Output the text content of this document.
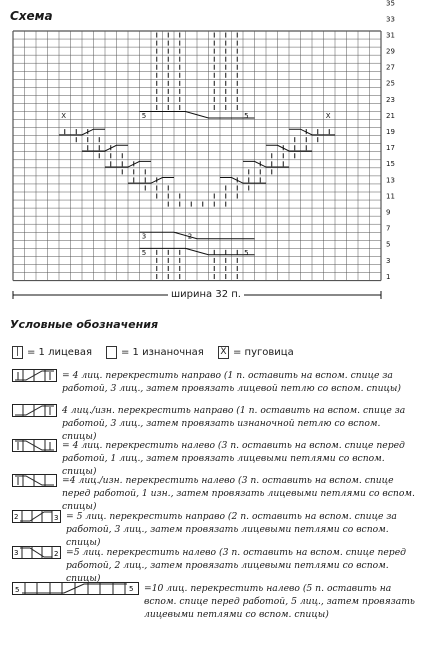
Схема
5	5
3	2
5	5
X	X
1
3
5
7
9
11
13
15
17
19
21
23
25
27
29
31
33
35
ширина 32 п.
Условные обозначения
| = 1 лицевая	= 1 изнаночная X = пуговица
= 4 лиц. перекрестить направо (1 п. оставить на вспом. спице за работой, 3 лиц., затем провязать лицевой петлю со вспом. спицы)
4 лиц./изн. перекрестить направо (1 п. оставить на вспом. спице за работой, 3 лиц., затем провязать изнаночной петлю со вспом. спицы)
= 4 лиц. перекрестить налево (3 п. оставить на вспом. спице перед работой, 1 лиц., затем провязать лицевыми петлями со вспом. спицы)
=4 лиц./изн. перекрестить налево (3 п. оставить на вспом. спице перед работой, 1 изн., затем провязать лицевыми петлями со вспом. спицы)
2	3 = 5 лиц. перекрестить направо (2 п. оставить на вспом. спице за работой, 3 лиц., затем провязать лицевыми петлями со вспом. спицы)
3	2 =5 лиц. перекрестить налево (3 п. оставить на вспом. спице перед работой, 2 лиц., затем провязать лицевыми петлями со вспом. спицы)
5	5 =10 лиц. перекрестить налево (5 п. оставить на вспом. спице перед работой, 5 лиц., затем провязать лицевыми петлями со вспом. спицы)
